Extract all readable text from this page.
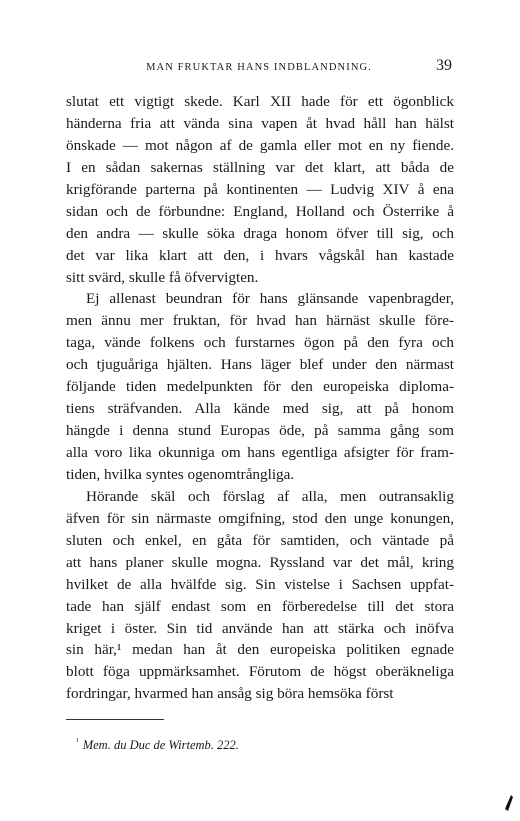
MAN FRUKTAR HANS INDBLANDNING.	39
slutat ett vigtigt skede. Karl XII hade för ett ögonblick
händerna fria att vända sina vapen åt hvad håll han hälst
önskade — mot någon af de gamla eller mot en ny fiende.
I en sådan sakernas ställning var det klart, att båda de
krigförande parterna på kontinenten — Ludvig XIV å ena
sidan och de förbundne: England, Holland och Österrike å
den andra — skulle söka draga honom öfver till sig, och
det var lika klart att den, i hvars vågskål han kastade
sitt svärd, skulle få öfvervigten.
Ej allenast beundran för hans glänsande vapenbragder,
men ännu mer fruktan, för hvad han härnäst skulle före-
taga, vände folkens och furstarnes ögon på den fyra och
och tjuguåriga hjälten. Hans läger blef under den närmast
följande tiden medelpunkten för den europeiska diploma-
tiens sträfvanden. Alla kände med sig, att på honom
hängde i denna stund Europas öde, på samma gång som
alla voro lika okunniga om hans egentliga afsigter för fram-
tiden, hvilka syntes ogenomtrångliga.
Hörande skäl och förslag af alla, men outransaklig
äfven för sin närmaste omgifning, stod den unge konungen,
sluten och enkel, en gåta för samtiden, och väntade på
att hans planer skulle mogna. Ryssland var det mål, kring
hvilket de alla hvälfde sig. Sin vistelse i Sachsen uppfat-
tade han själf endast som en förberedelse till det stora
kriget i öster. Sin tid använde han att stärka och inöfva
sin här,¹ medan han åt den europeiska politiken egnade
blott föga uppmärksamhet. Förutom de högst oberäkneliga
fordringar, hvarmed han ansåg sig böra hemsöka först
$^{^1}$ Mem. du Duc de Wirtemb. 222.
